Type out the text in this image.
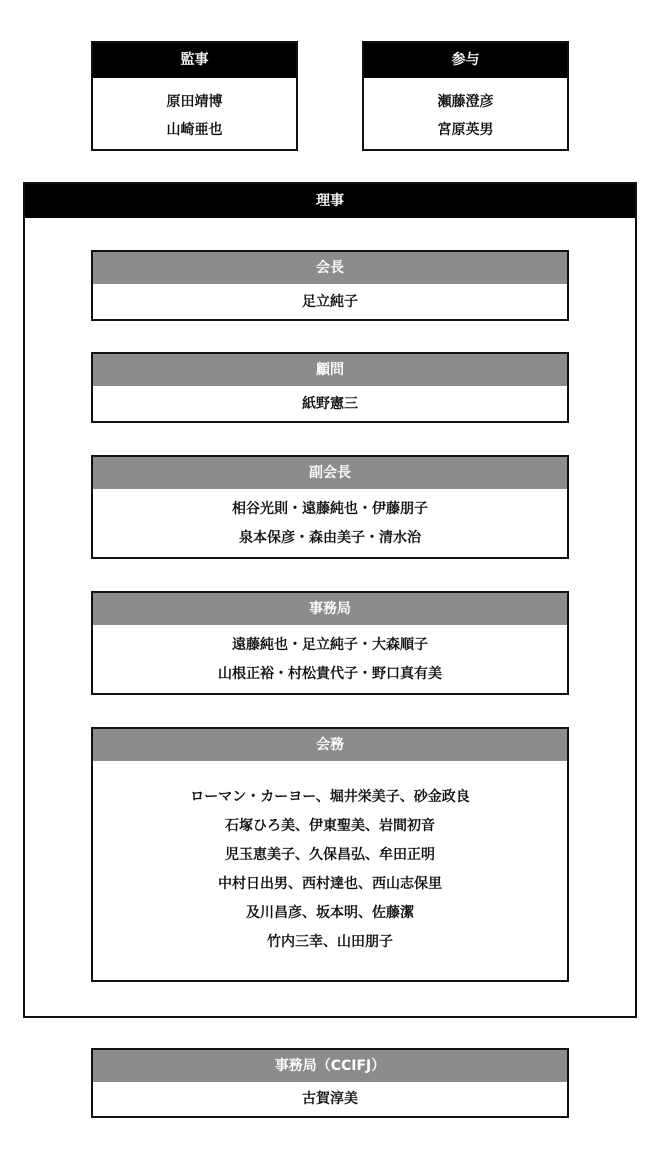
監事
原田靖博
山崎亜也
参与
瀬藤澄彦
宮原英男
理事
会長
足立純子
顧問
紙野憲三
副会長
相谷光則・遠藤純也・伊藤朋子
泉本保彦・森由美子・清水治
事務局
遠藤純也・足立純子・大森順子
山根正裕・村松貴代子・野口真有美
会務
ローマン・カーヨー、堀井栄美子、砂金政良
石塚ひろ美、伊東聖美、岩間初音
児玉恵美子、久保昌弘、牟田正明
中村日出男、西村達也、西山志保里
及川昌彦、坂本明、佐藤潔
竹内三幸、山田朋子
事務局（CCIFJ）
古賀淳美
